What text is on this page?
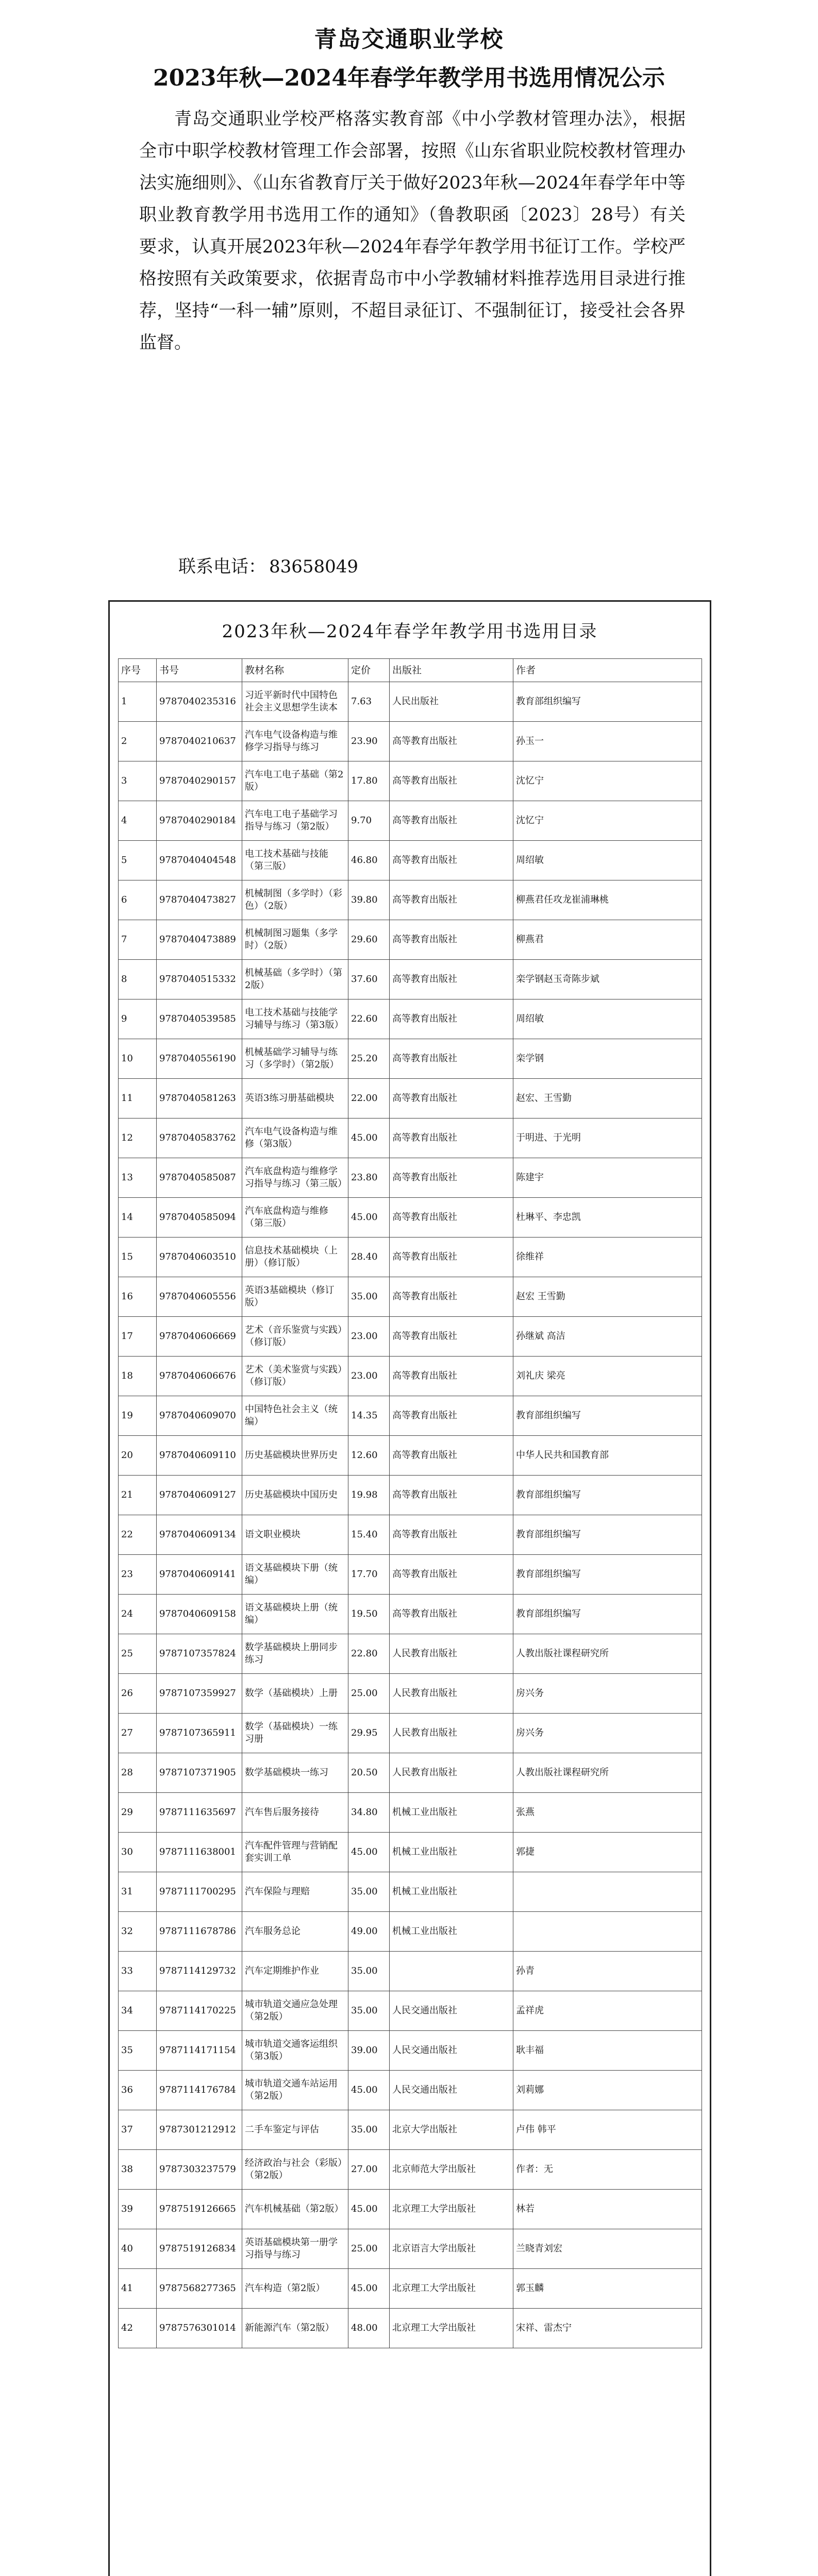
青岛交通职业学校
2023年秋—2024年春学年教学用书选用情况公示

青岛交通职业学校严格落实教育部《中小学教材管理办法》，根据全市中职学校教材管理工作会部署，按照《山东省职业院校教材管理办法实施细则》、《山东省教育厅关于做好2023年秋—2024年春学年中等职业教育教学用书选用工作的通知》（鲁教职函〔2023〕28号）有关要求，认真开展2023年秋—2024年春学年教学用书征订工作。学校严格按照有关政策要求，依据青岛市中小学教辅材料推荐选用目录进行推荐，坚持“一科一辅”原则，不超目录征订、不强制征订，接受社会各界监督。

联系电话： 83658049
2023年秋—2024年春学年教学用书选用目录
序号	书号	教材名称	定价	出版社	作者
1	9787040235316	习近平新时代中国特色社会主义思想学生读本	7.63	人民出版社	教育部组织编写
2	9787040210637	汽车电气设备构造与维修学习指导与练习	23.90	高等教育出版社	孙玉一
3	9787040290157	汽车电工电子基础（第2版）	17.80	高等教育出版社	沈忆宁
4	9787040290184	汽车电工电子基础学习指导与练习（第2版）	9.70	高等教育出版社	沈忆宁
5	9787040404548	电工技术基础与技能（第三版）	46.80	高等教育出版社	周绍敏
6	9787040473827	机械制图（多学时）（彩色）（2版）	39.80	高等教育出版社	柳燕君任攻龙崔浦琳桃
7	9787040473889	机械制图习题集（多学时）（2版）	29.60	高等教育出版社	柳燕君
8	9787040515332	机械基础（多学时）（第2版）	37.60	高等教育出版社	栾学钢赵玉奇陈步斌
9	9787040539585	电工技术基础与技能学习辅导与练习（第3版）	22.60	高等教育出版社	周绍敏
10	9787040556190	机械基础学习辅导与练习（多学时）（第2版）	25.20	高等教育出版社	栾学钢
11	9787040581263	英语3练习册基础模块	22.00	高等教育出版社	赵宏、王雪勤
12	9787040583762	汽车电气设备构造与维修（第3版）	45.00	高等教育出版社	于明进、于光明
13	9787040585087	汽车底盘构造与维修学习指导与练习（第三版）	23.80	高等教育出版社	陈建宇
14	9787040585094	汽车底盘构造与维修（第三版）	45.00	高等教育出版社	杜琳平、李忠凯
15	9787040603510	信息技术基础模块（上册）（修订版）	28.40	高等教育出版社	徐维祥
16	9787040605556	英语3基础模块（修订版）	35.00	高等教育出版社	赵宏 王雪勤
17	9787040606669	艺术（音乐鉴赏与实践）（修订版）	23.00	高等教育出版社	孙继斌 高洁
18	9787040606676	艺术（美术鉴赏与实践）（修订版）	23.00	高等教育出版社	刘礼庆 梁亮
19	9787040609070	中国特色社会主义（统编）	14.35	高等教育出版社	教育部组织编写
20	9787040609110	历史基础模块世界历史	12.60	高等教育出版社	中华人民共和国教育部
21	9787040609127	历史基础模块中国历史	19.98	高等教育出版社	教育部组织编写
22	9787040609134	语文职业模块	15.40	高等教育出版社	教育部组织编写
23	9787040609141	语文基础模块下册（统编）	17.70	高等教育出版社	教育部组织编写
24	9787040609158	语文基础模块上册（统编）	19.50	高等教育出版社	教育部组织编写
25	9787107357824	数学基础模块上册同步练习	22.80	人民教育出版社	人教出版社课程研究所
26	9787107359927	数学（基础模块）上册	25.00	人民教育出版社	房兴务
27	9787107365911	数学（基础模块）一练习册	29.95	人民教育出版社	房兴务
28	9787107371905	数学基础模块一练习	20.50	人民教育出版社	人教出版社课程研究所
29	9787111635697	汽车售后服务接待	34.80	机械工业出版社	张燕
30	9787111638001	汽车配件管理与营销配套实训工单	45.00	机械工业出版社	郭捷
31	9787111700295	汽车保险与理赔	35.00	机械工业出版社	
32	9787111678786	汽车服务总论	49.00	机械工业出版社	
33	9787114129732	汽车定期维护作业	35.00		孙青
34	9787114170225	城市轨道交通应急处理（第2版）	35.00	人民交通出版社	孟祥虎
35	9787114171154	城市轨道交通客运组织（第3版）	39.00	人民交通出版社	耿丰福
36	9787114176784	城市轨道交通车站运用（第2版）	45.00	人民交通出版社	刘莉娜
37	9787301212912	二手车鉴定与评估	35.00	北京大学出版社	卢伟 韩平
38	9787303237579	经济政治与社会（彩版）（第2版）	27.00	北京师范大学出版社	作者：无
39	9787519126665	汽车机械基础（第2版）	45.00	北京理工大学出版社	林若
40	9787519126834	英语基础模块第一册学习指导与练习	25.00	北京语言大学出版社	兰晓青刘宏
41	9787568277365	汽车构造（第2版）	45.00	北京理工大学出版社	郭玉麟
42	9787576301014	新能源汽车（第2版）	48.00	北京理工大学出版社	宋祥、雷杰宁
